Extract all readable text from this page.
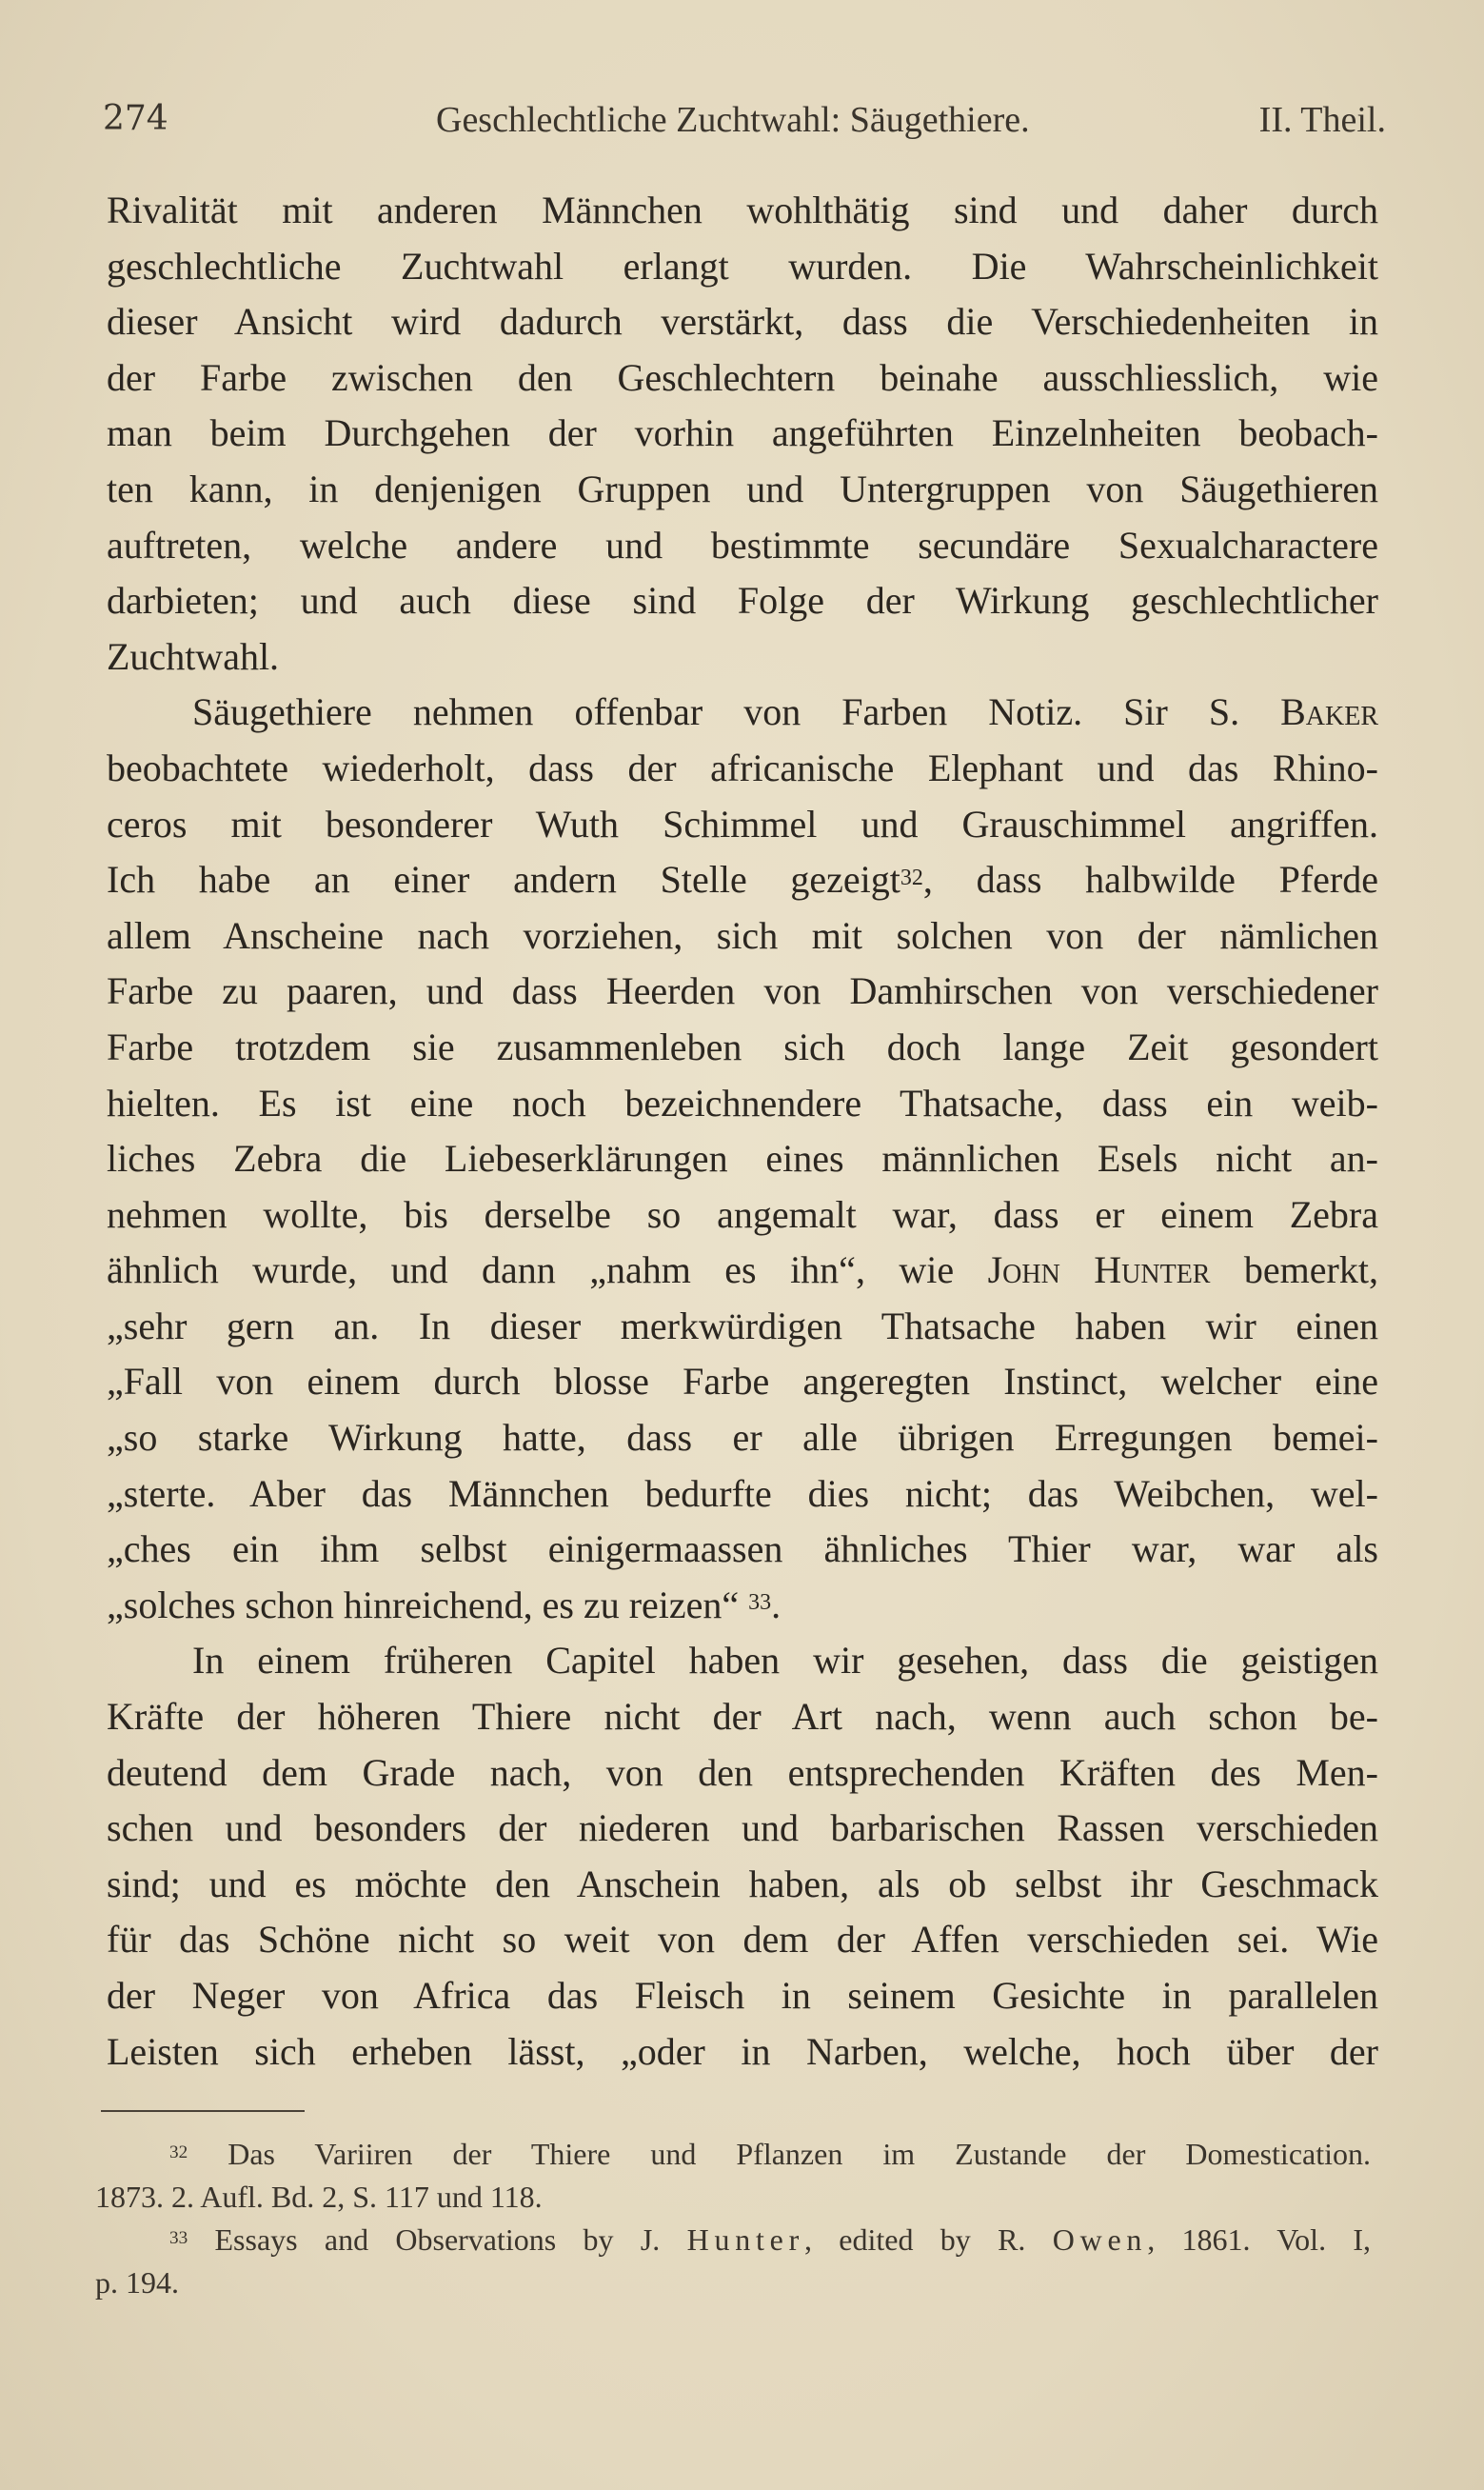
274	Geschlechtliche Zuchtwahl: Säugethiere.	II. Theil.
Rivalität mit anderen Männchen wohlthätig sind und daher durch
geschlechtliche Zuchtwahl erlangt wurden. Die Wahrscheinlichkeit
dieser Ansicht wird dadurch verstärkt, dass die Verschiedenheiten in
der Farbe zwischen den Geschlechtern beinahe ausschliesslich, wie
man beim Durchgehen der vorhin angeführten Einzelnheiten beobach-
ten kann, in denjenigen Gruppen und Untergruppen von Säugethieren
auftreten, welche andere und bestimmte secundäre Sexualcharactere
darbieten; und auch diese sind Folge der Wirkung geschlechtlicher
Zuchtwahl.
Säugethiere nehmen offenbar von Farben Notiz. Sir S. Baker
beobachtete wiederholt, dass der africanische Elephant und das Rhino-
ceros mit besonderer Wuth Schimmel und Grauschimmel angriffen.
Ich habe an einer andern Stelle gezeigt$^{32}$, dass halbwilde Pferde
allem Anscheine nach vorziehen, sich mit solchen von der nämlichen
Farbe zu paaren, und dass Heerden von Damhirschen von verschiedener
Farbe trotzdem sie zusammenleben sich doch lange Zeit gesondert
hielten. Es ist eine noch bezeichnendere Thatsache, dass ein weib-
liches Zebra die Liebeserklärungen eines männlichen Esels nicht an-
nehmen wollte, bis derselbe so angemalt war, dass er einem Zebra
ähnlich wurde, und dann „nahm es ihn“, wie John Hunter bemerkt,
„sehr gern an. In dieser merkwürdigen Thatsache haben wir einen
„Fall von einem durch blosse Farbe angeregten Instinct, welcher eine
„so starke Wirkung hatte, dass er alle übrigen Erregungen bemei-
„sterte. Aber das Männchen bedurfte dies nicht; das Weibchen, wel-
„ches ein ihm selbst einigermaassen ähnliches Thier war, war als
„solches schon hinreichend, es zu reizen“ $^{33}$.
In einem früheren Capitel haben wir gesehen, dass die geistigen
Kräfte der höheren Thiere nicht der Art nach, wenn auch schon be-
deutend dem Grade nach, von den entsprechenden Kräften des Men-
schen und besonders der niederen und barbarischen Rassen verschieden
sind; und es möchte den Anschein haben, als ob selbst ihr Geschmack
für das Schöne nicht so weit von dem der Affen verschieden sei. Wie
der Neger von Africa das Fleisch in seinem Gesichte in parallelen
Leisten sich erheben lässt, „oder in Narben, welche, hoch über der
$^{32}$ Das Variiren der Thiere und Pflanzen im Zustande der Domestication.
1873. 2. Aufl. Bd. 2, S. 117 und 118.
$^{33}$ Essays and Observations by J. Hunter, edited by R. Owen, 1861. Vol. I,
p. 194.
